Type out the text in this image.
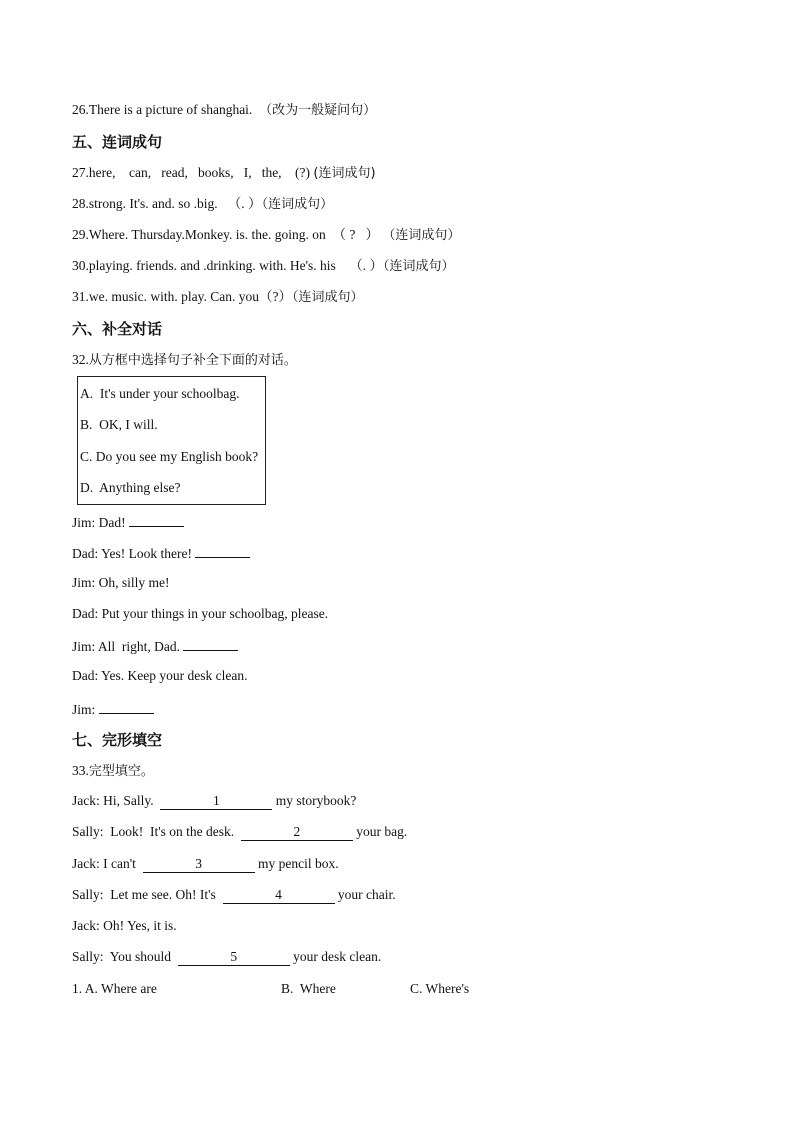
26.There is a picture of shanghai.  （改为一般疑问句）
五、连词成句
27.here,    can,   read,   books,   I,   the,    (?) (连词成句)
28.strong. It's. and. so .big.   （. ）（连词成句）
29.Where. Thursday.Monkey. is. the. going. on  （ ?   ） （连词成句）
30.playing. friends. and .drinking. with. He's. his    （. ）（连词成句）
31.we. music. with. play. Can. you（?）（连词成句）
六、补全对话
32.从方框中选择句子补全下面的对话。
A.  It's under your schoolbag.
B.  OK, I will.
C. Do you see my English book?
D.  Anything else?
Jim: Dad!
Dad: Yes! Look there!
Jim: Oh, silly me!
Dad: Put your things in your schoolbag, please.
Jim: All  right, Dad.
Dad: Yes. Keep your desk clean.
Jim:
七、完形填空
33.完型填空。
Jack: Hi, Sally.	1	my storybook?
Sally:  Look!  It's on the desk.	2	your bag.
Jack: I can't	3	my pencil box.
Sally:  Let me see. Oh! It's	4	your chair.
Jack: Oh! Yes, it is.
Sally:  You should	5	your desk clean.
1. A. Where are	B.  Where	C. Where's
